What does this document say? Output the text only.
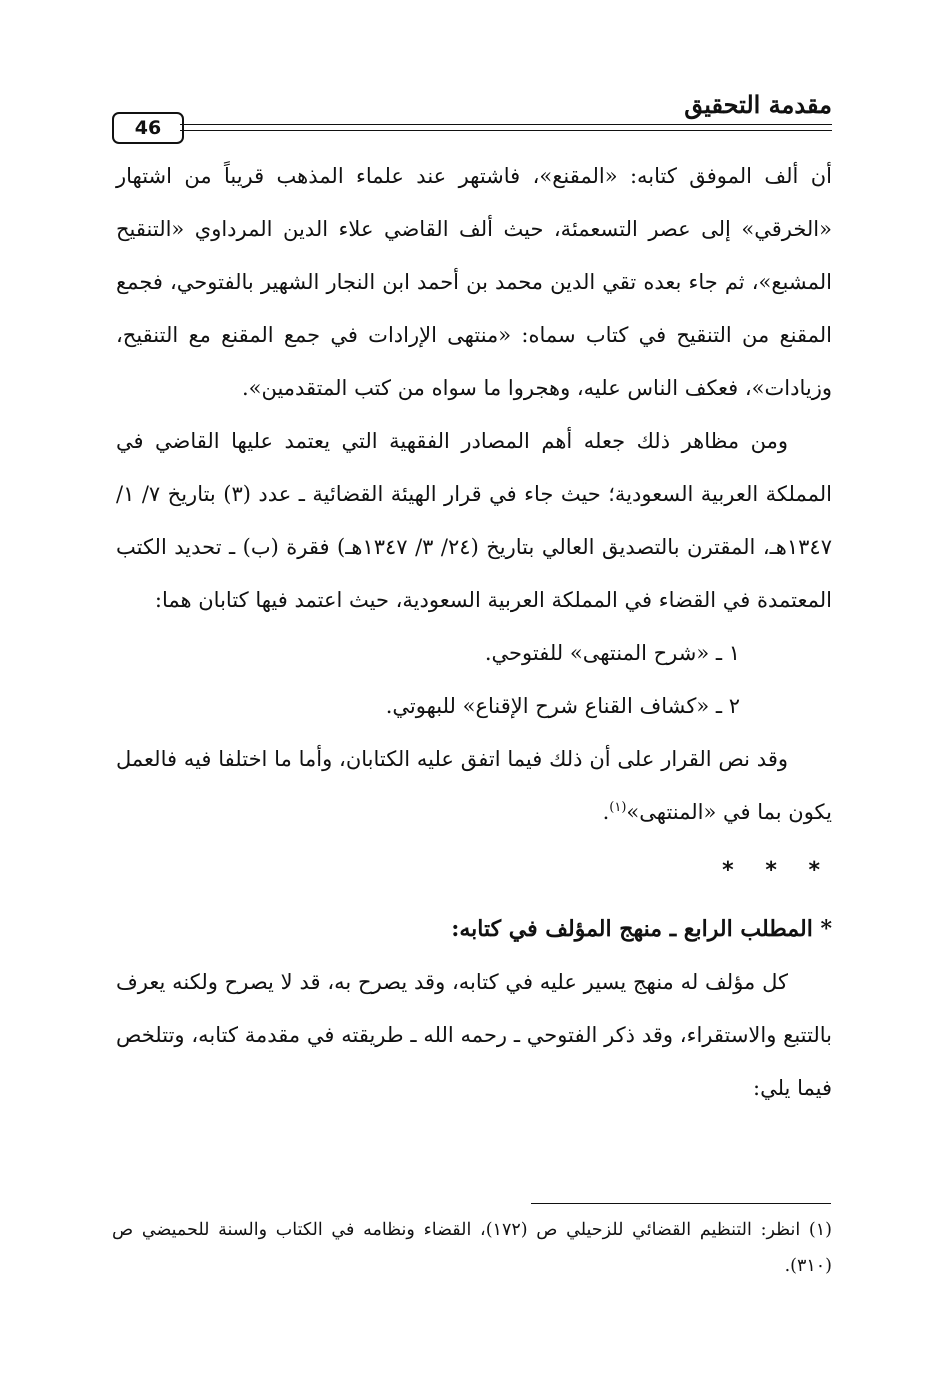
مقدمة التحقيق
46

أن ألف الموفق كتابه: «المقنع»، فاشتهر عند علماء المذهب قريباً من اشتهار «الخرقي» إلى عصر التسعمئة، حيث ألف القاضي علاء الدين المرداوي «التنقيح المشبع»، ثم جاء بعده تقي الدين محمد بن أحمد ابن النجار الشهير بالفتوحي، فجمع المقنع من التنقيح في كتاب سماه: «منتهى الإرادات في جمع المقنع مع التنقيح، وزيادات»، فعكف الناس عليه، وهجروا ما سواه من كتب المتقدمين».

ومن مظاهر ذلك جعله أهم المصادر الفقهية التي يعتمد عليها القاضي في المملكة العربية السعودية؛ حيث جاء في قرار الهيئة القضائية ـ عدد (٣) بتاريخ ٧/ ١/ ١٣٤٧هـ، المقترن بالتصديق العالي بتاريخ (٢٤/ ٣/ ١٣٤٧هـ) فقرة (ب) ـ تحديد الكتب المعتمدة في القضاء في المملكة العربية السعودية، حيث اعتمد فيها كتابان هما:

١ ـ «شرح المنتهى» للفتوحي.

٢ ـ «كشاف القناع شرح الإقناع» للبهوتي.

وقد نص القرار على أن ذلك فيما اتفق عليه الكتابان، وأما ما اختلفا فيه فالعمل يكون بما في «المنتهى»$^{(١)}$.

* * *

* المطلب الرابع ـ منهج المؤلف في كتابه:

كل مؤلف له منهج يسير عليه في كتابه، وقد يصرح به، قد لا يصرح ولكنه يعرف بالتتبع والاستقراء، وقد ذكر الفتوحي ـ رحمه الله ـ طريقته في مقدمة كتابه، وتتلخص فيما يلي:

(١) انظر: التنظيم القضائي للزحيلي ص (١٧٢)، القضاء ونظامه في الكتاب والسنة للحميضي ص (٣١٠).
